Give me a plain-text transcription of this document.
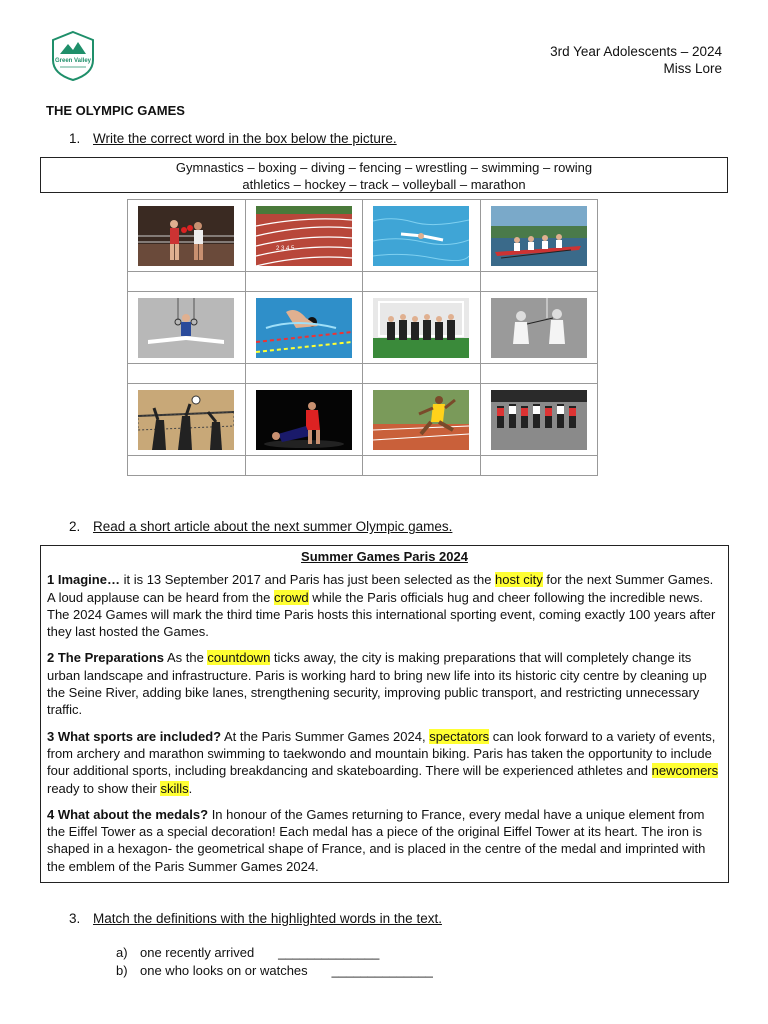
Green Valley
3rd Year Adolescents – 2024
Miss Lore
THE OLYMPIC GAMES
1. Write the correct word in the box below the picture.
Gymnastics – boxing – diving – fencing – wrestling – swimming – rowing
athletics – hockey – track – volleyball – marathon

2 3 4 5

2. Read a short article about the next summer Olympic games.
Summer Games Paris 2024

1 Imagine… it is 13 September 2017 and Paris has just been selected as the host city for the next Summer Games. A loud applause can be heard from the crowd while the Paris officials hug and cheer following the incredible news. The 2024 Games will mark the third time Paris hosts this international sporting event, coming exactly 100 years after they last hosted the Games.

2 The Preparations As the countdown ticks away, the city is making preparations that will completely change its urban landscape and infrastructure. Paris is working hard to bring new life into its historic city centre by cleaning up the Seine River, adding bike lanes, strengthening security, improving public transport, and restricting unnecessary traffic.

3 What sports are included? At the Paris Summer Games 2024, spectators can look forward to a variety of events, from archery and marathon swimming to taekwondo and mountain biking. Paris has taken the opportunity to include four additional sports, including breakdancing and skateboarding. There will be experienced athletes and newcomers ready to show their skills.

4 What about the medals? In honour of the Games returning to France, every medal have a unique element from the Eiffel Tower as a special decoration! Each medal has a piece of the original Eiffel Tower at its heart. The iron is shaped in a hexagon- the geometrical shape of France, and is placed in the centre of the medal and imprinted with the emblem of the Paris Summer Games 2024.

3. Match the definitions with the highlighted words in the text.
a) one recently arrived ______________
b) one who looks on or watches ______________
